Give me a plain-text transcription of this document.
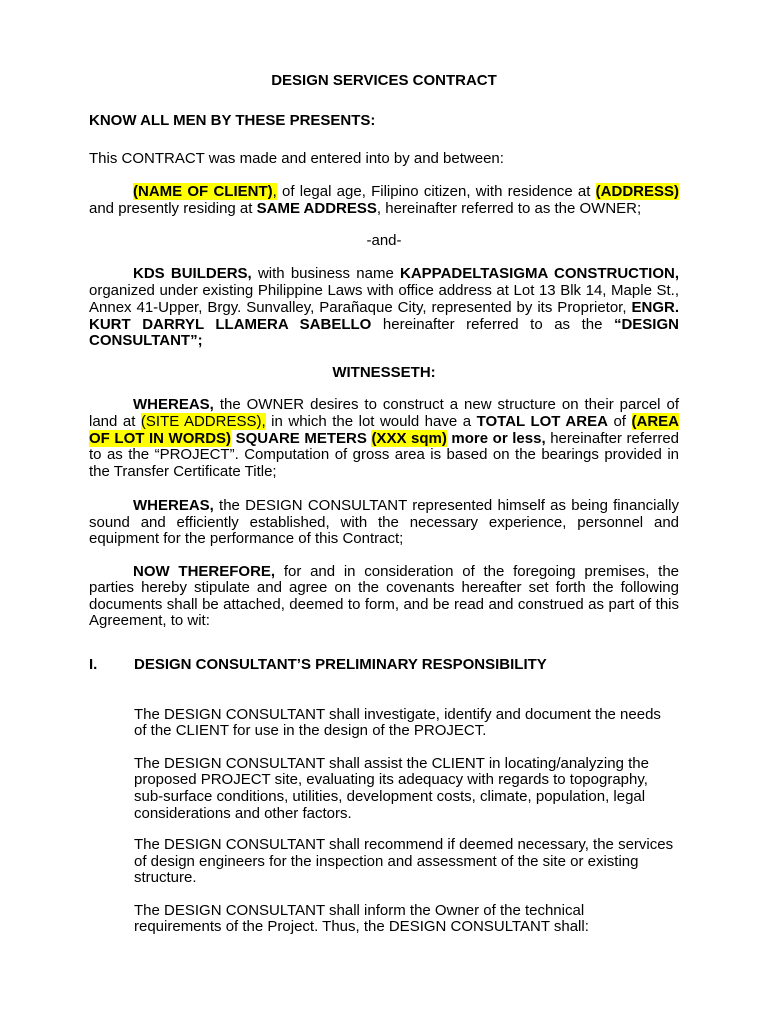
DESIGN SERVICES CONTRACT
KNOW ALL MEN BY THESE PRESENTS:
This CONTRACT was made and entered into by and between:
(NAME OF CLIENT), of legal age, Filipino citizen, with residence at (ADDRESS)
and presently residing at SAME ADDRESS, hereinafter referred to as the OWNER;
-and-
KDS BUILDERS, with business name KAPPADELTASIGMA CONSTRUCTION,
organized under existing Philippine Laws with office address at Lot 13 Blk 14, Maple St.,
Annex 41-Upper, Brgy. Sunvalley, Parañaque City, represented by its Proprietor, ENGR.
KURT DARRYL LLAMERA SABELLO hereinafter referred to as the “DESIGN
CONSULTANT”;
WITNESSETH:
WHEREAS, the OWNER desires to construct a new structure on their parcel of
land at (SITE ADDRESS), in which the lot would have a TOTAL LOT AREA of (AREA
OF LOT IN WORDS) SQUARE METERS (XXX sqm) more or less, hereinafter referred
to as the “PROJECT”. Computation of gross area is based on the bearings provided in
the Transfer Certificate Title;
WHEREAS, the DESIGN CONSULTANT represented himself as being financially
sound and efficiently established, with the necessary experience, personnel and
equipment for the performance of this Contract;
NOW THEREFORE, for and in consideration of the foregoing premises, the
parties hereby stipulate and agree on the covenants hereafter set forth the following
documents shall be attached, deemed to form, and be read and construed as part of this
Agreement, to wit:
I.	DESIGN CONSULTANT’S PRELIMINARY RESPONSIBILITY
The DESIGN CONSULTANT shall investigate, identify and document the needs
of the CLIENT for use in the design of the PROJECT.
The DESIGN CONSULTANT shall assist the CLIENT in locating/analyzing the
proposed PROJECT site, evaluating its adequacy with regards to topography,
sub-surface conditions, utilities, development costs, climate, population, legal
considerations and other factors.
The DESIGN CONSULTANT shall recommend if deemed necessary, the services
of design engineers for the inspection and assessment of the site or existing
structure.
The DESIGN CONSULTANT shall inform the Owner of the technical
requirements of the Project. Thus, the DESIGN CONSULTANT shall:
